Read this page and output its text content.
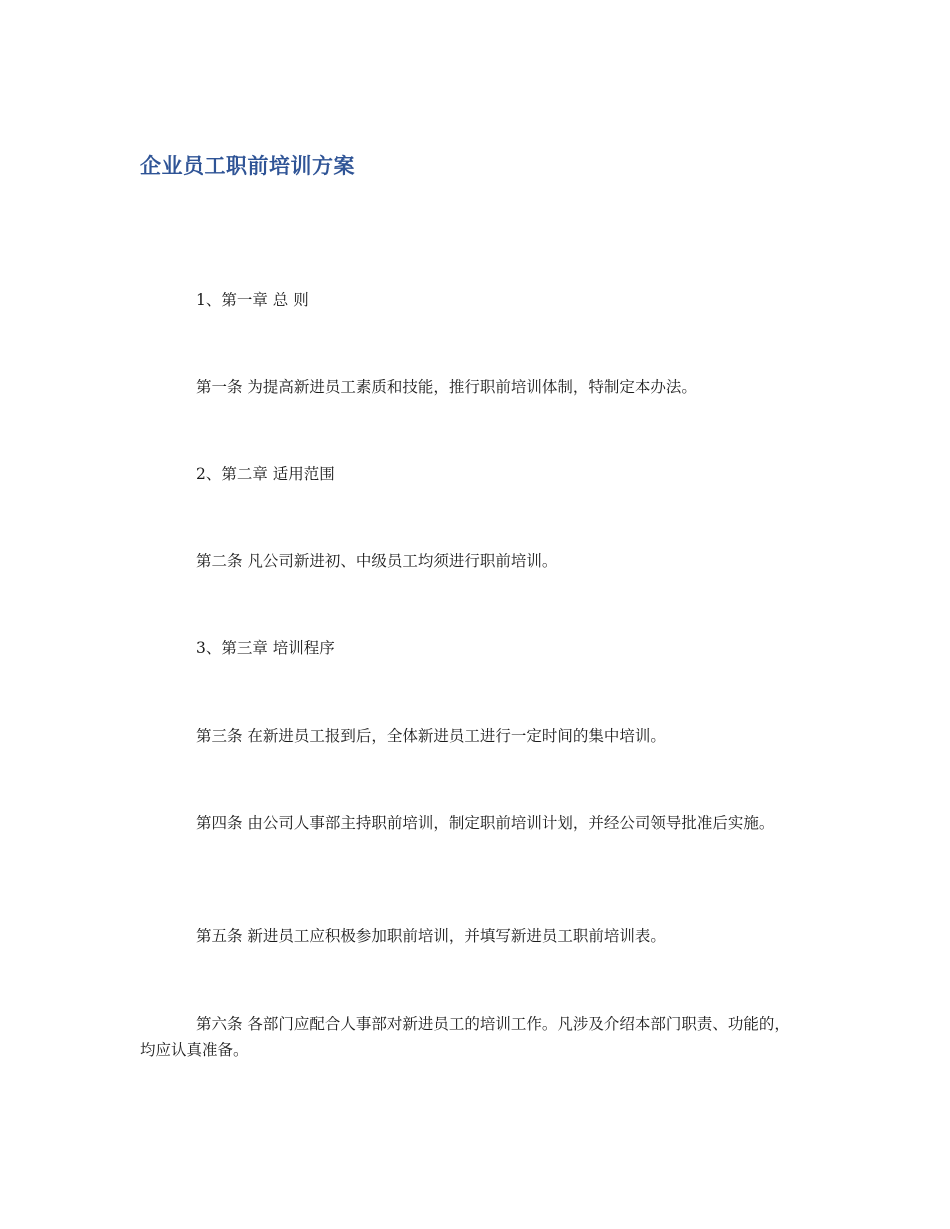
企业员工职前培训方案

1、第一章 总 则

第一条 为提高新进员工素质和技能，推行职前培训体制，特制定本办法。

2、第二章 适用范围

第二条 凡公司新进初、中级员工均须进行职前培训。

3、第三章 培训程序

第三条 在新进员工报到后，全体新进员工进行一定时间的集中培训。

第四条 由公司人事部主持职前培训，制定职前培训计划，并经公司领导批准后实施。

第五条 新进员工应积极参加职前培训，并填写新进员工职前培训表。

第六条 各部门应配合人事部对新进员工的培训工作。凡涉及介绍本部门职责、功能的，均应认真准备。
